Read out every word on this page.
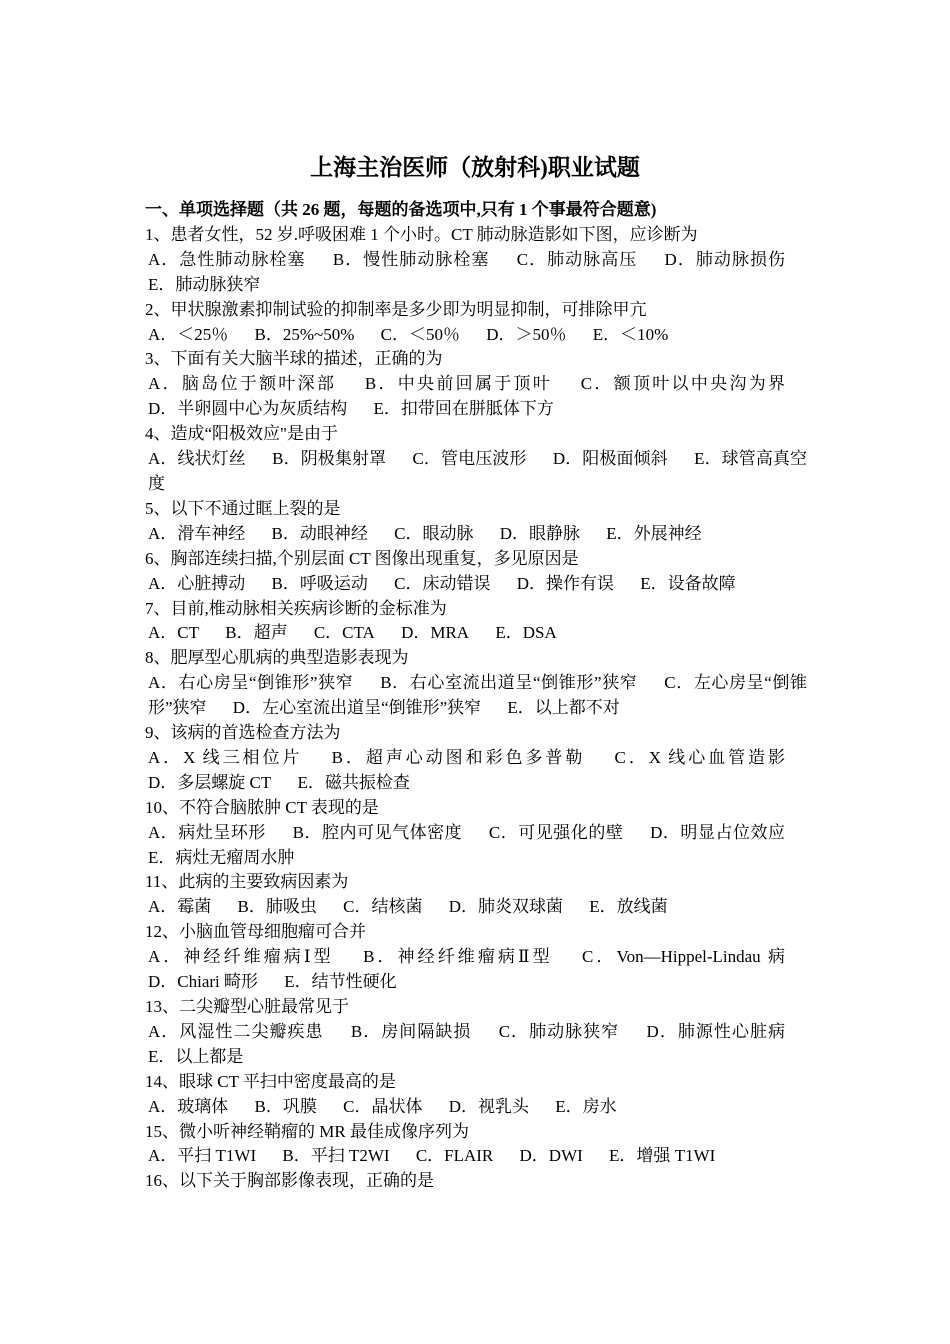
上海主治医师（放射科)职业试题
一、单项选择题（共 26 题，每题的备选项中,只有 1 个事最符合题意)
1、患者女性，52 岁.呼吸困难 1 个小时。CT 肺动脉造影如下图，应诊断为
A．急性肺动脉栓塞 B．慢性肺动脉栓塞 C．肺动脉高压 D．肺动脉损伤 E．肺动脉狭窄
2、甲状腺激素抑制试验的抑制率是多少即为明显抑制，可排除甲亢
A．＜25％ B．25%~50% C．＜50％ D．＞50％ E．＜10%
3、下面有关大脑半球的描述，正确的为
A．脑岛位于额叶深部 B．中央前回属于顶叶 C．额顶叶以中央沟为界 D．半卵圆中心为灰质结构 E．扣带回在胼胝体下方
4、造成“阳极效应"是由于
A．线状灯丝 B．阴极集射罩 C．管电压波形 D．阳极面倾斜 E．球管高真空度
5、以下不通过眶上裂的是
A．滑车神经 B．动眼神经 C．眼动脉 D．眼静脉 E．外展神经
6、胸部连续扫描,个别层面 CT 图像出现重复，多见原因是
A．心脏搏动 B．呼吸运动 C．床动错误 D．操作有误 E．设备故障
7、目前,椎动脉相关疾病诊断的金标准为
A．CT B．超声 C．CTA D．MRA E．DSA
8、肥厚型心肌病的典型造影表现为
A．右心房呈“倒锥形”狭窄 B．右心室流出道呈“倒锥形”狭窄 C．左心房呈“倒锥形”狭窄 D．左心室流出道呈“倒锥形”狭窄 E．以上都不对
9、该病的首选检查方法为
A．X 线三相位片 B．超声心动图和彩色多普勒 C．X 线心血管造影 D．多层螺旋 CT E．磁共振检查
10、不符合脑脓肿 CT 表现的是
A．病灶呈环形 B．腔内可见气体密度 C．可见强化的壁 D．明显占位效应 E．病灶无瘤周水肿
11、此病的主要致病因素为
A．霉菌 B．肺吸虫 C．结核菌 D．肺炎双球菌 E．放线菌
12、小脑血管母细胞瘤可合并
A．神经纤维瘤病Ⅰ型 B．神经纤维瘤病Ⅱ型 C．Von—Hippel-Lindau 病 D．Chiari 畸形 E．结节性硬化
13、二尖瓣型心脏最常见于
A．风湿性二尖瓣疾患 B．房间隔缺损 C．肺动脉狭窄 D．肺源性心脏病 E．以上都是
14、眼球 CT 平扫中密度最高的是
A．玻璃体 B．巩膜 C．晶状体 D．视乳头 E．房水
15、微小听神经鞘瘤的 MR 最佳成像序列为
A．平扫 T1WI B．平扫 T2WI C．FLAIR D．DWI E．增强 T1WI
16、以下关于胸部影像表现，正确的是
